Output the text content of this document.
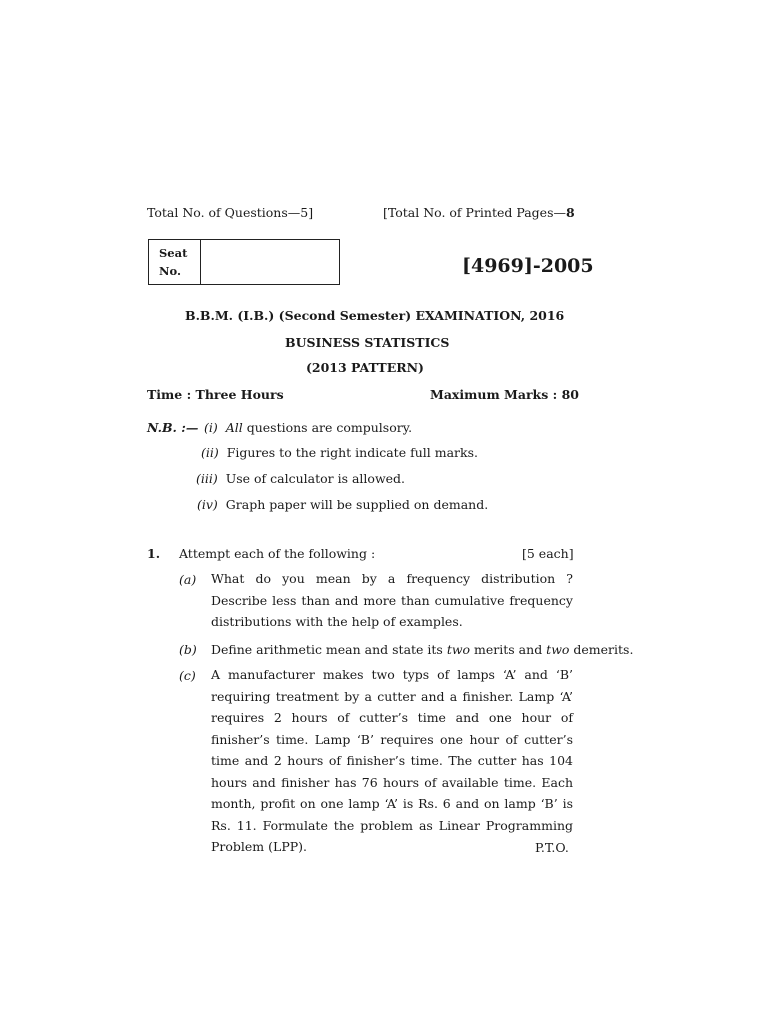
Total No. of Questions—5]	[Total No. of Printed Pages—8
Seat
No.	[4969]-2005
B.B.M. (I.B.) (Second Semester) EXAMINATION, 2016
BUSINESS STATISTICS
(2013 PATTERN)
Time : Three Hours	Maximum Marks : 80
N.B. :— (i) All questions are compulsory.
(ii) Figures to the right indicate full marks.
(iii) Use of calculator is allowed.
(iv) Graph paper will be supplied on demand.
1. Attempt each of the following :	[5 each]
(a) What do you mean by a frequency distribution ? Describe less than and more than cumulative frequency distributions with the help of examples.
(b) Define arithmetic mean and state its two merits and two demerits.
(c) A manufacturer makes two typs of lamps ‘A’ and ‘B’ requiring treatment by a cutter and a finisher. Lamp ‘A’ requires 2 hours of cutter’s time and one hour of finisher’s time. Lamp ‘B’ requires one hour of cutter’s time and 2 hours of finisher’s time. The cutter has 104 hours and finisher has 76 hours of available time. Each month, profit on one lamp ‘A’ is Rs. 6 and on lamp ‘B’ is Rs. 11. Formulate the problem as Linear Programming Problem (LPP).	P.T.O.
